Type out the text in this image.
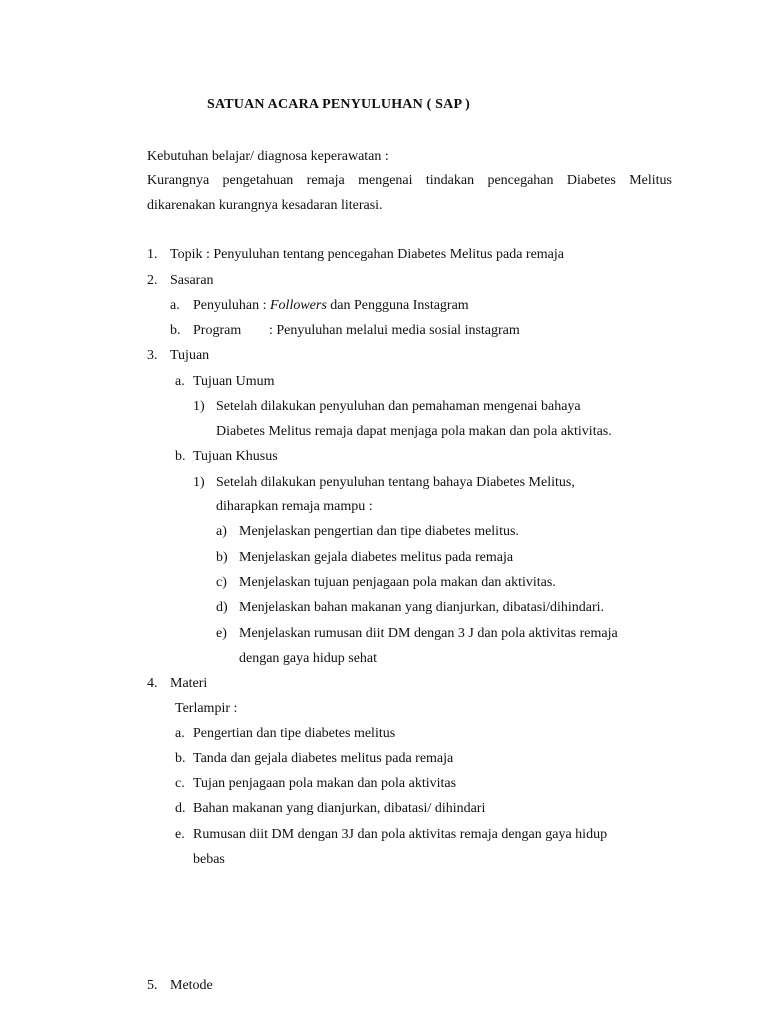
SATUAN ACARA PENYULUHAN ( SAP )
Kebutuhan belajar/ diagnosa keperawatan :
Kurangnya pengetahuan remaja mengenai tindakan pencegahan Diabetes Melitus
dikarenakan kurangnya kesadaran literasi.
1. Topik : Penyuluhan tentang pencegahan Diabetes Melitus pada remaja
2. Sasaran
a. Penyuluhan : Followers dan Pengguna Instagram
b. Program : Penyuluhan melalui media sosial instagram
3. Tujuan
a. Tujuan Umum
1) Setelah dilakukan penyuluhan dan pemahaman mengenai bahaya
Diabetes Melitus remaja dapat menjaga pola makan dan pola aktivitas.
b. Tujuan Khusus
1) Setelah dilakukan penyuluhan tentang bahaya Diabetes Melitus,
diharapkan remaja mampu :
a) Menjelaskan pengertian dan tipe diabetes melitus.
b) Menjelaskan gejala diabetes melitus pada remaja
c) Menjelaskan tujuan penjagaan pola makan dan aktivitas.
d) Menjelaskan bahan makanan yang dianjurkan, dibatasi/dihindari.
e) Menjelaskan rumusan diit DM dengan 3 J dan pola aktivitas remaja
dengan gaya hidup sehat
4. Materi
Terlampir :
a. Pengertian dan tipe diabetes melitus
b. Tanda dan gejala diabetes melitus pada remaja
c. Tujan penjagaan pola makan dan pola aktivitas
d. Bahan makanan yang dianjurkan, dibatasi/ dihindari
e. Rumusan diit DM dengan 3J dan pola aktivitas remaja dengan gaya hidup
bebas
5. Metode
